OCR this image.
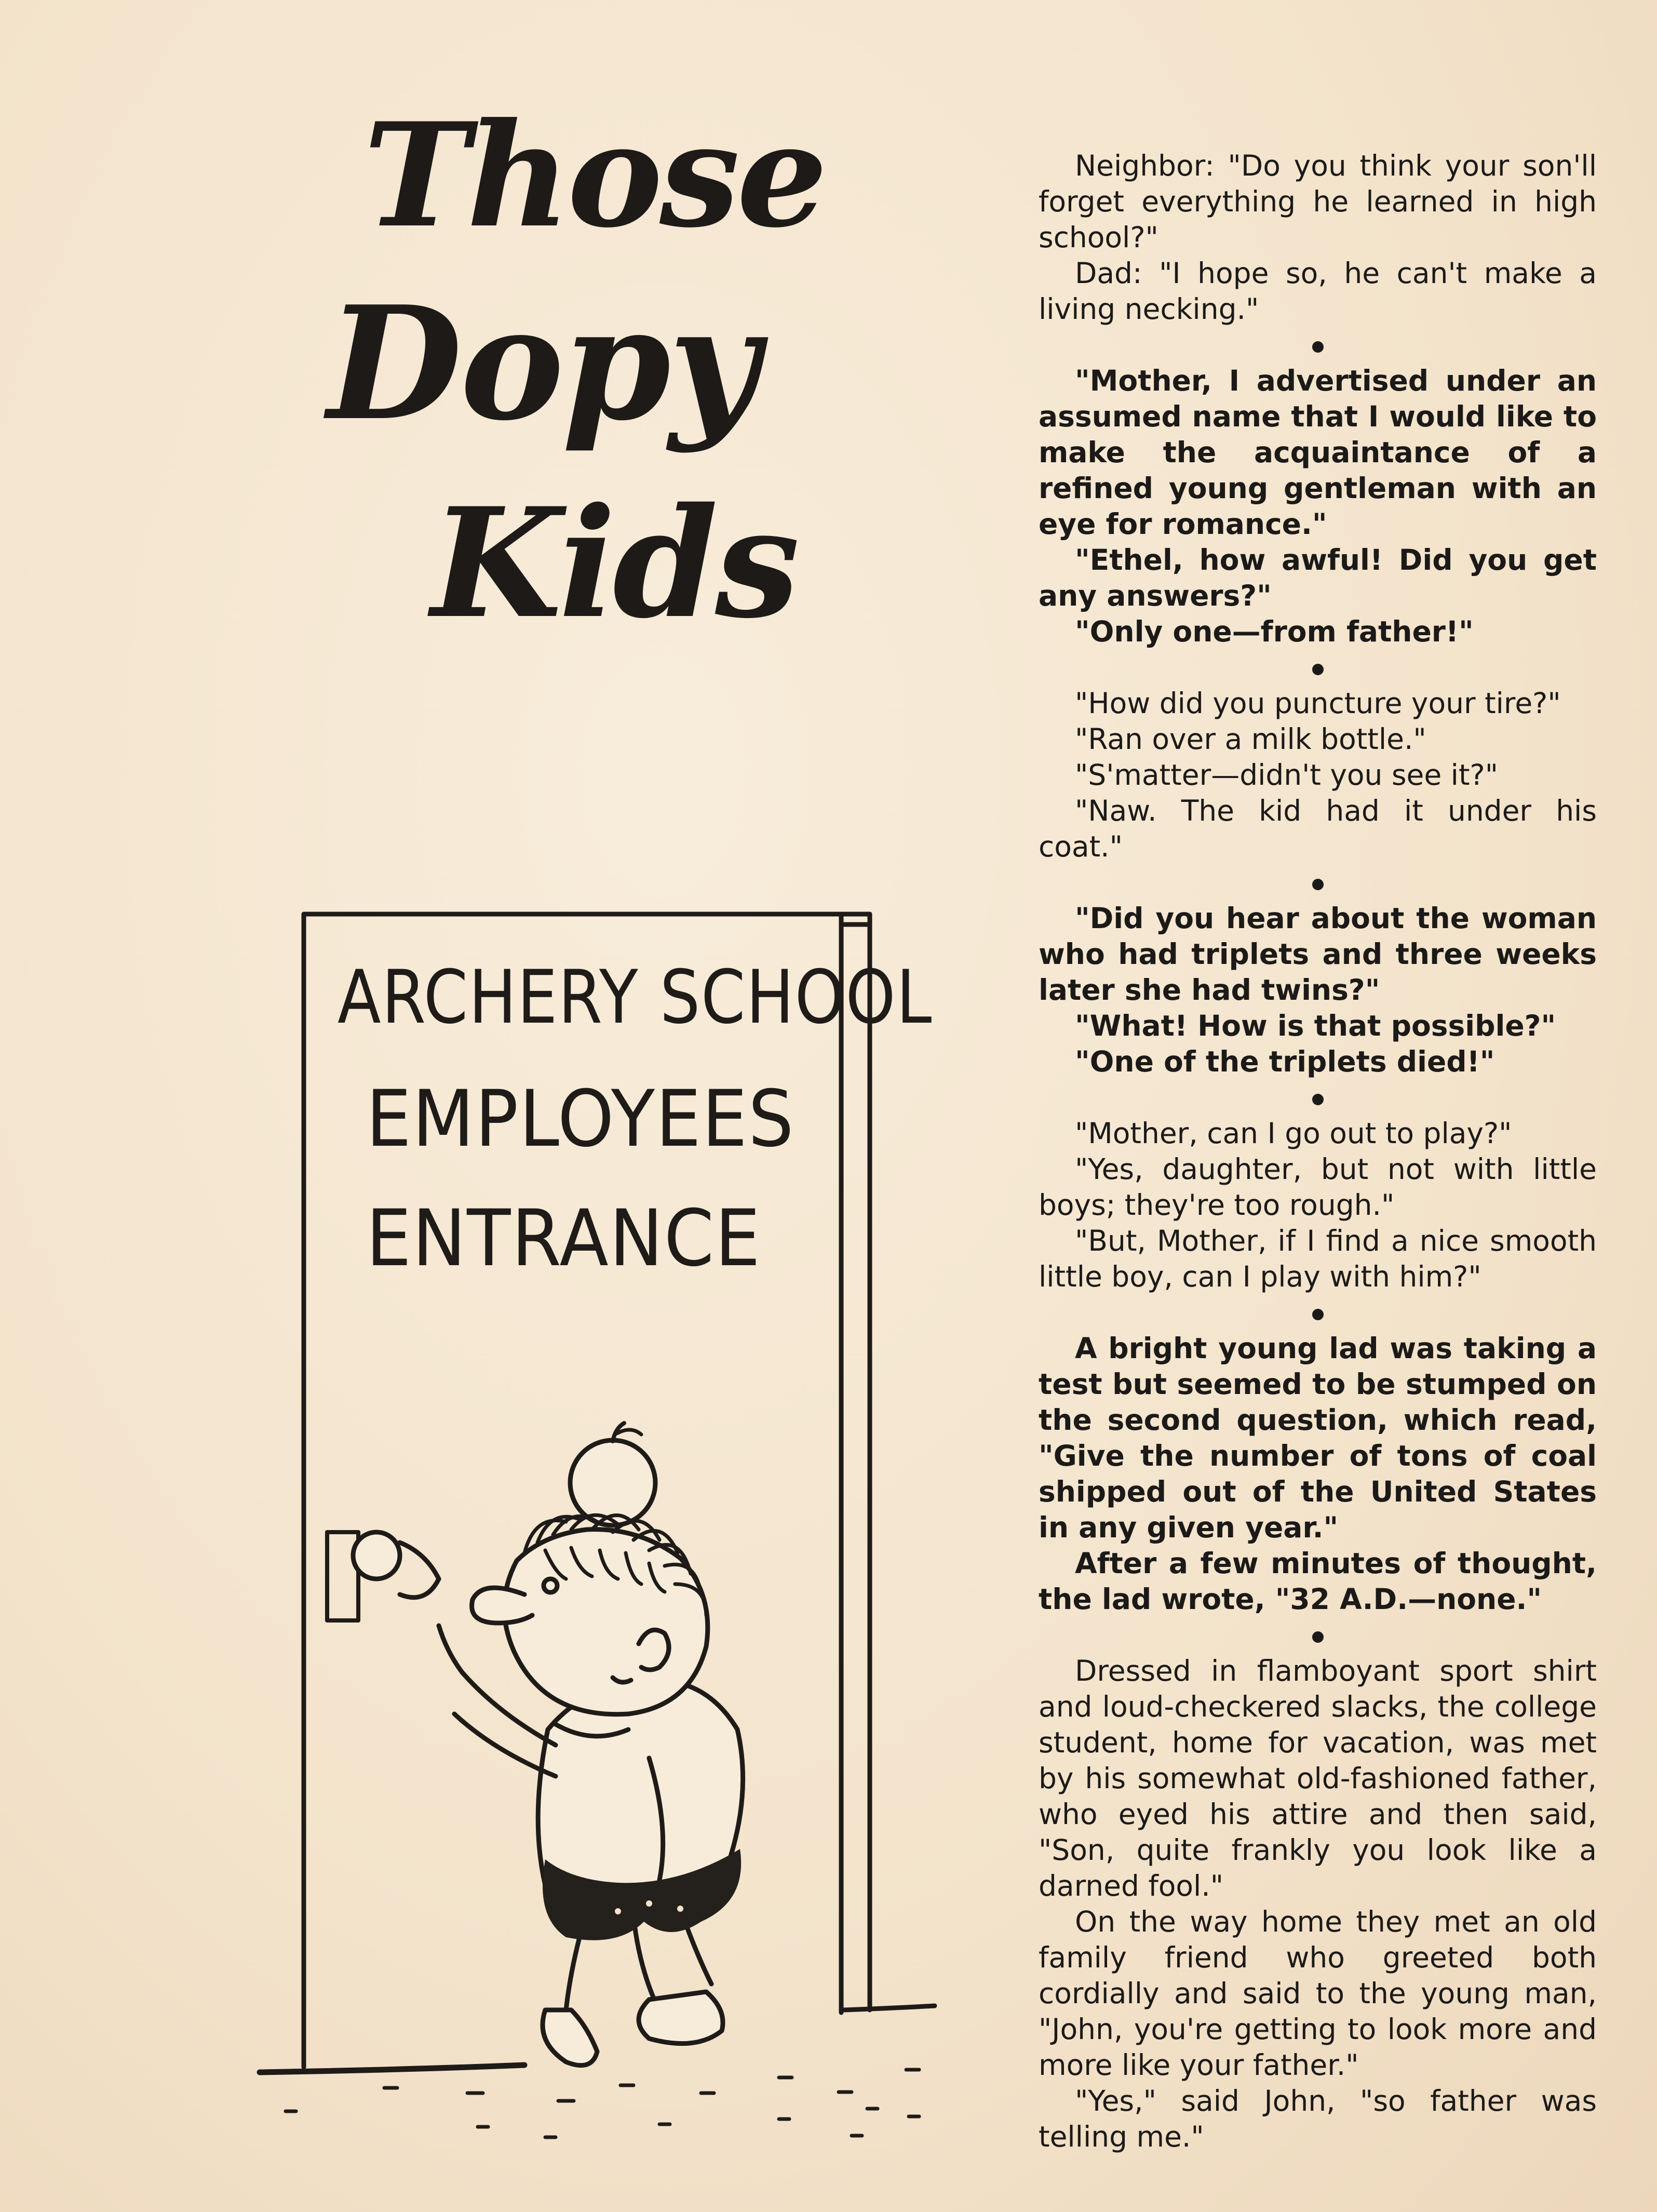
Those
Dopy
Kids

ARCHERY SCHOOL

EMPLOYEES

ENTRANCE

Neighbor: "Do you think your son'll forget everything he learned in high school?"

Dad: "I hope so, he can't make a living necking."

"Mother, I advertised under an assumed name that I would like to make the acquaintance of a refined young gentleman with an eye for romance."

"Ethel, how awful! Did you get any answers?"

"Only one—from father!"

"How did you puncture your tire?"

"Ran over a milk bottle."

"S'matter—didn't you see it?"

"Naw. The kid had it under his coat."

"Did you hear about the woman who had triplets and three weeks later she had twins?"

"What! How is that possible?"

"One of the triplets died!"

"Mother, can I go out to play?"

"Yes, daughter, but not with little boys; they're too rough."

"But, Mother, if I find a nice smooth little boy, can I play with him?"

A bright young lad was taking a test but seemed to be stumped on the second question, which read, "Give the number of tons of coal shipped out of the United States in any given year."

After a few minutes of thought, the lad wrote, "32 A.D.—none."

Dressed in flamboyant sport shirt and loud-checkered slacks, the college student, home for vacation, was met by his somewhat old-fashioned father, who eyed his attire and then said, "Son, quite frankly you look like a darned fool."

On the way home they met an old family friend who greeted both cordially and said to the young man, "John, you're getting to look more and more like your father."

"Yes," said John, "so father was telling me."
